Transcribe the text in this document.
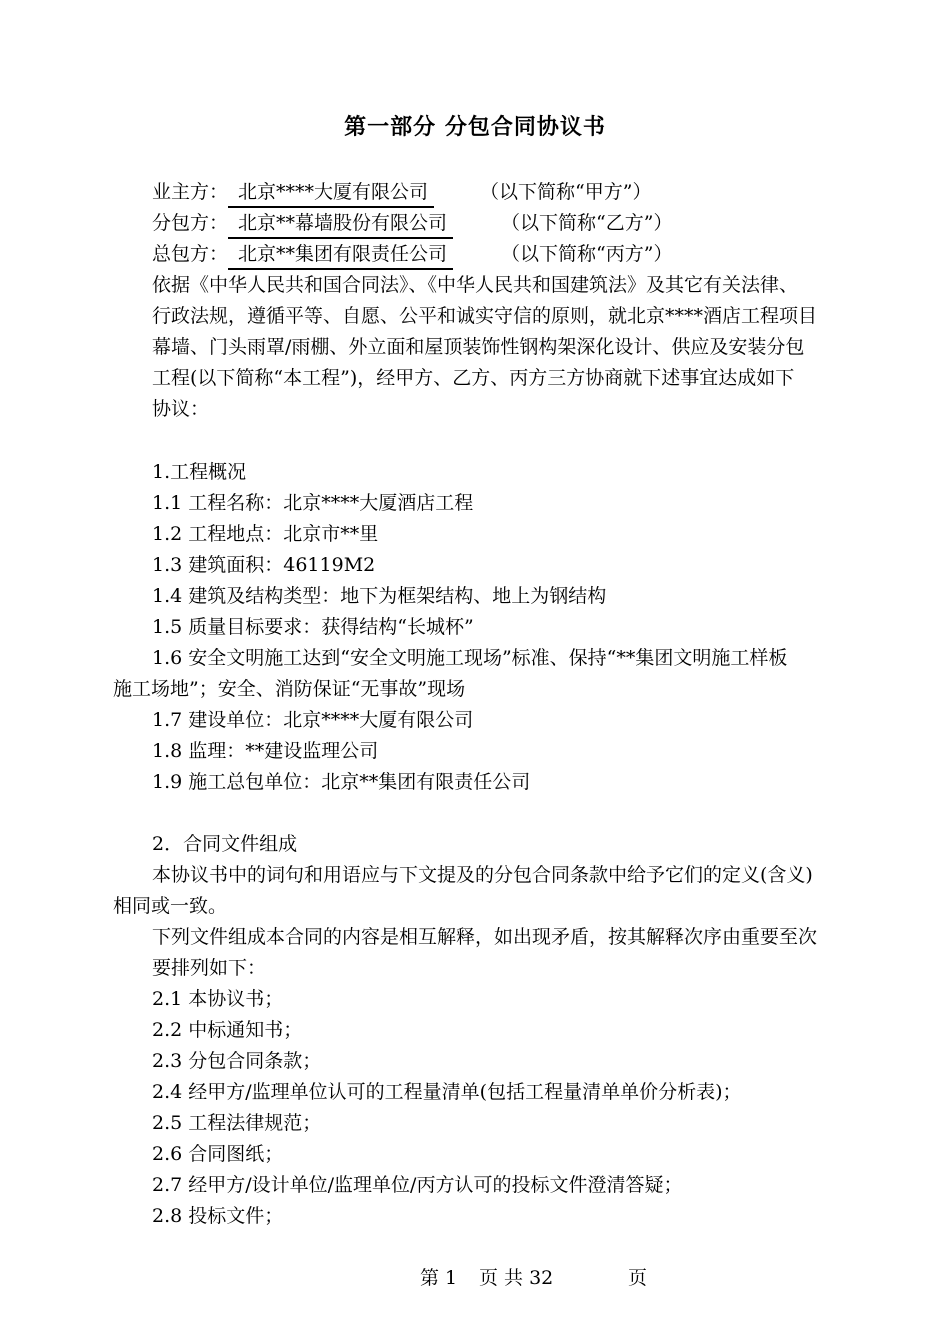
第一部分 分包合同协议书
业主方： 北京****大厦有限公司	（以下简称“甲方”）
分包方： 北京**幕墙股份有限公司	（以下简称“乙方”）
总包方： 北京**集团有限责任公司	（以下简称“丙方”）
依据《中华人民共和国合同法》、《中华人民共和国建筑法》及其它有关法律、
行政法规，遵循平等、自愿、公平和诚实守信的原则，就北京****酒店工程项目
幕墙、门头雨罩/雨棚、外立面和屋顶装饰性钢构架深化设计、供应及安装分包
工程(以下简称“本工程”)，经甲方、乙方、丙方三方协商就下述事宜达成如下
协议：
1.工程概况
1.1 工程名称：北京****大厦酒店工程
1.2 工程地点：北京市**里
1.3 建筑面积：46119M2
1.4 建筑及结构类型：地下为框架结构、地上为钢结构
1.5 质量目标要求：获得结构“长城杯”
1.6 安全文明施工达到“安全文明施工现场”标准、保持“**集团文明施工样板
施工场地”；安全、消防保证“无事故”现场
1.7 建设单位：北京****大厦有限公司
1.8 监理：**建设监理公司
1.9 施工总包单位：北京**集团有限责任公司
2．合同文件组成
本协议书中的词句和用语应与下文提及的分包合同条款中给予它们的定义(含义)
相同或一致。
下列文件组成本合同的内容是相互解释，如出现矛盾，按其解释次序由重要至次
要排列如下：
2.1 本协议书；
2.2 中标通知书；
2.3 分包合同条款；
2.4 经甲方/监理单位认可的工程量清单(包括工程量清单单价分析表)；
2.5 工程法律规范；
2.6 合同图纸；
2.7 经甲方/设计单位/监理单位/丙方认可的投标文件澄清答疑；
2.8 投标文件；
第 1 页 共 32	页
